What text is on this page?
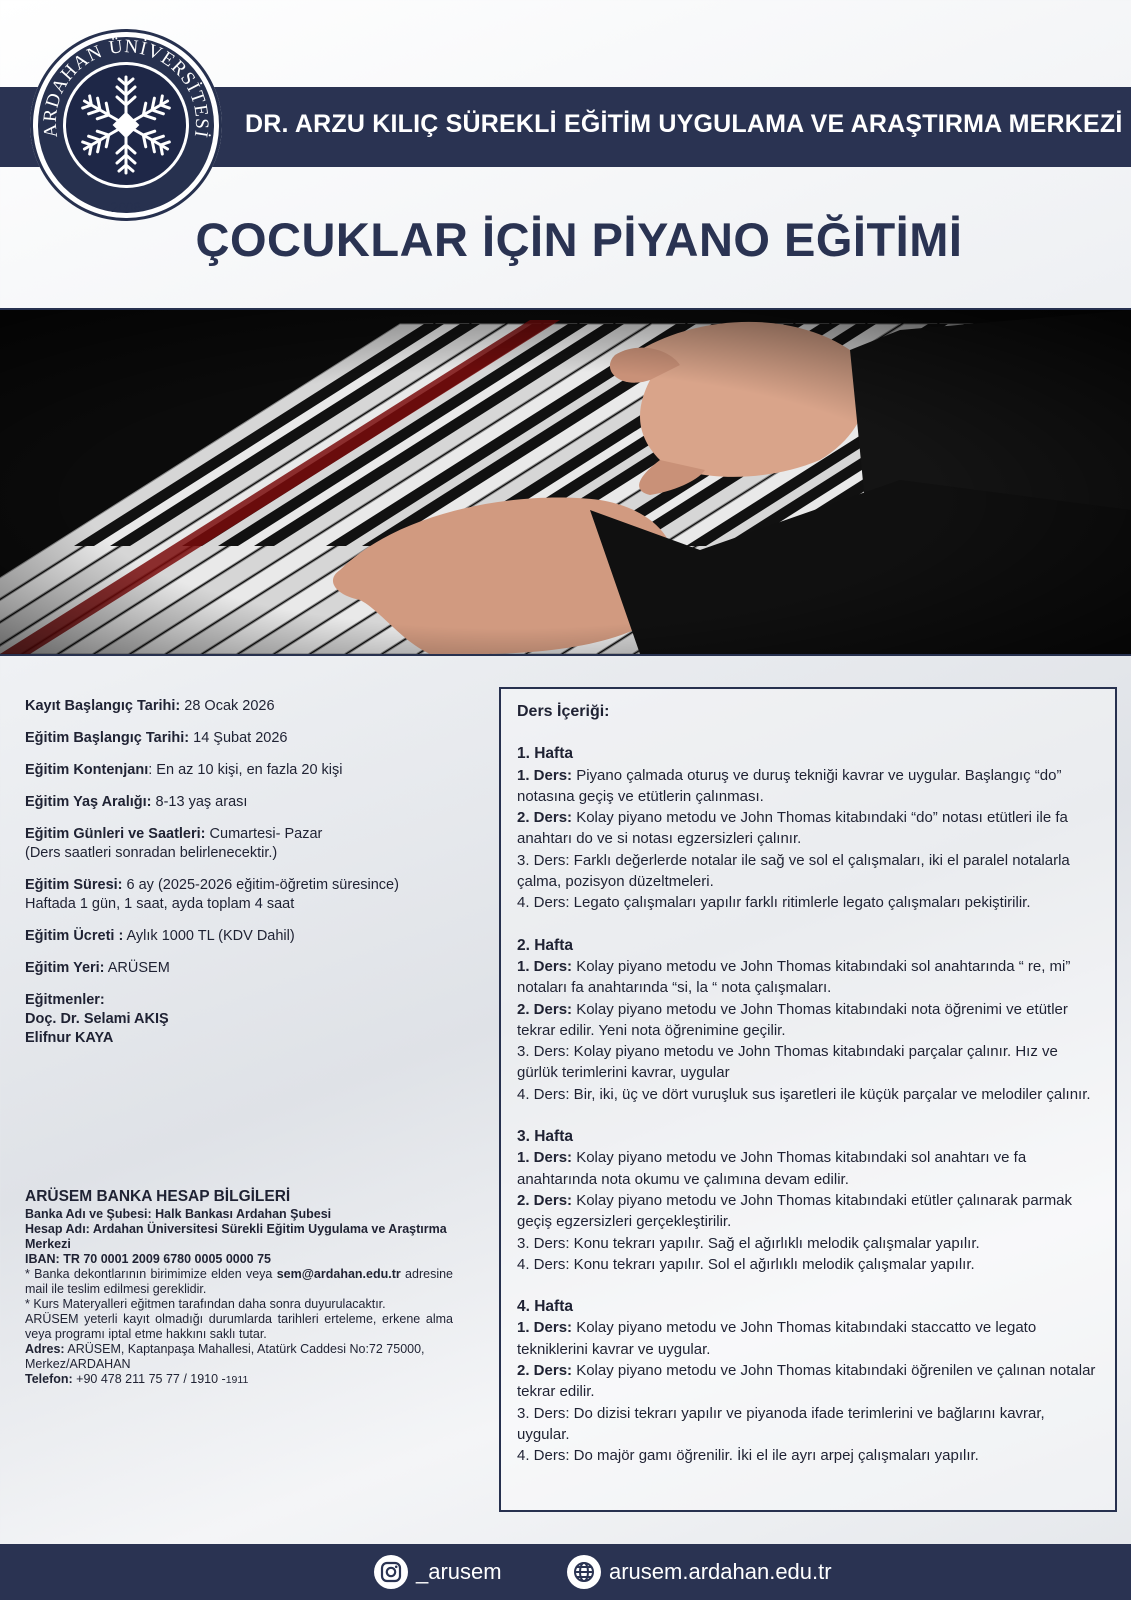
DR. ARZU KILIÇ SÜREKLİ EĞİTİM UYGULAMA VE ARAŞTIRMA MERKEZİ
ARDAHAN ÜNİVERSİTESİ
2008
ÇOCUKLAR İÇİN PİYANO EĞİTİMİ
Kayıt Başlangıç Tarihi: 28 Ocak 2026
Eğitim Başlangıç Tarihi: 14 Şubat 2026
Eğitim Kontenjanı: En az 10 kişi, en fazla 20 kişi
Eğitim Yaş Aralığı: 8-13 yaş arası
Eğitim Günleri ve Saatleri: Cumartesi- Pazar
(Ders saatleri sonradan belirlenecektir.)
Eğitim Süresi: 6 ay (2025-2026 eğitim-öğretim süresince)
Haftada 1 gün, 1 saat, ayda toplam 4 saat
Eğitim Ücreti : Aylık 1000 TL (KDV Dahil)
Eğitim Yeri: ARÜSEM
Eğitmenler:
Doç. Dr. Selami AKIŞ
Elifnur KAYA
ARÜSEM BANKA HESAP BİLGİLERİ

Banka Adı ve Şubesi: Halk Bankası Ardahan Şubesi

Hesap Adı: Ardahan Üniversitesi Sürekli Eğitim Uygulama ve Araştırma Merkezi

IBAN: TR 70 0001 2009 6780 0005 0000 75

* Banka dekontlarının birimimize elden veya sem@ardahan.edu.tr adresine mail ile teslim edilmesi gereklidir.

* Kurs Materyalleri eğitmen tarafından daha sonra duyurulacaktır.

ARÜSEM yeterli kayıt olmadığı durumlarda tarihleri erteleme, erkene alma veya programı iptal etme hakkını saklı tutar.

Adres: ARÜSEM, Kaptanpaşa Mahallesi, Atatürk Caddesi No:72 75000, Merkez/ARDAHAN

Telefon: +90 478 211 75 77 / 1910 -1911

Ders İçeriği:
1. Hafta
1. Ders: Piyano çalmada oturuş ve duruş tekniği kavrar ve uygular. Başlangıç “do” notasına geçiş ve etütlerin çalınması.
2. Ders: Kolay piyano metodu ve John Thomas kitabındaki “do” notası etütleri ile fa anahtarı do ve si notası egzersizleri çalınır.
3. Ders: Farklı değerlerde notalar ile sağ ve sol el çalışmaları, iki el paralel notalarla çalma, pozisyon düzeltmeleri.
4. Ders: Legato çalışmaları yapılır farklı ritimlerle legato çalışmaları pekiştirilir.
2. Hafta
1. Ders: Kolay piyano metodu ve John Thomas kitabındaki sol anahtarında “ re, mi” notaları fa anahtarında “si, la “ nota çalışmaları.
2. Ders: Kolay piyano metodu ve John Thomas kitabındaki nota öğrenimi ve etütler tekrar edilir. Yeni nota öğrenimine geçilir.
3. Ders: Kolay piyano metodu ve John Thomas kitabındaki parçalar çalınır. Hız ve gürlük terimlerini kavrar, uygular
4. Ders: Bir, iki, üç ve dört vuruşluk sus işaretleri ile küçük parçalar ve melodiler çalınır.
3. Hafta
1. Ders: Kolay piyano metodu ve John Thomas kitabındaki sol anahtarı ve fa anahtarında nota okumu ve çalımına devam edilir.
2. Ders: Kolay piyano metodu ve John Thomas kitabındaki etütler çalınarak parmak geçiş egzersizleri gerçekleştirilir.
3. Ders: Konu tekrarı yapılır. Sağ el ağırlıklı melodik çalışmalar yapılır.
4. Ders: Konu tekrarı yapılır. Sol el ağırlıklı melodik çalışmalar yapılır.
4. Hafta
1. Ders: Kolay piyano metodu ve John Thomas kitabındaki staccatto ve legato tekniklerini kavrar ve uygular.
2. Ders: Kolay piyano metodu ve John Thomas kitabındaki öğrenilen ve çalınan notalar tekrar edilir.
3. Ders: Do dizisi tekrarı yapılır ve piyanoda ifade terimlerini ve bağlarını kavrar, uygular.
4. Ders: Do majör gamı öğrenilir. İki el ile ayrı arpej çalışmaları yapılır.
_arusem	arusem.ardahan.edu.tr
